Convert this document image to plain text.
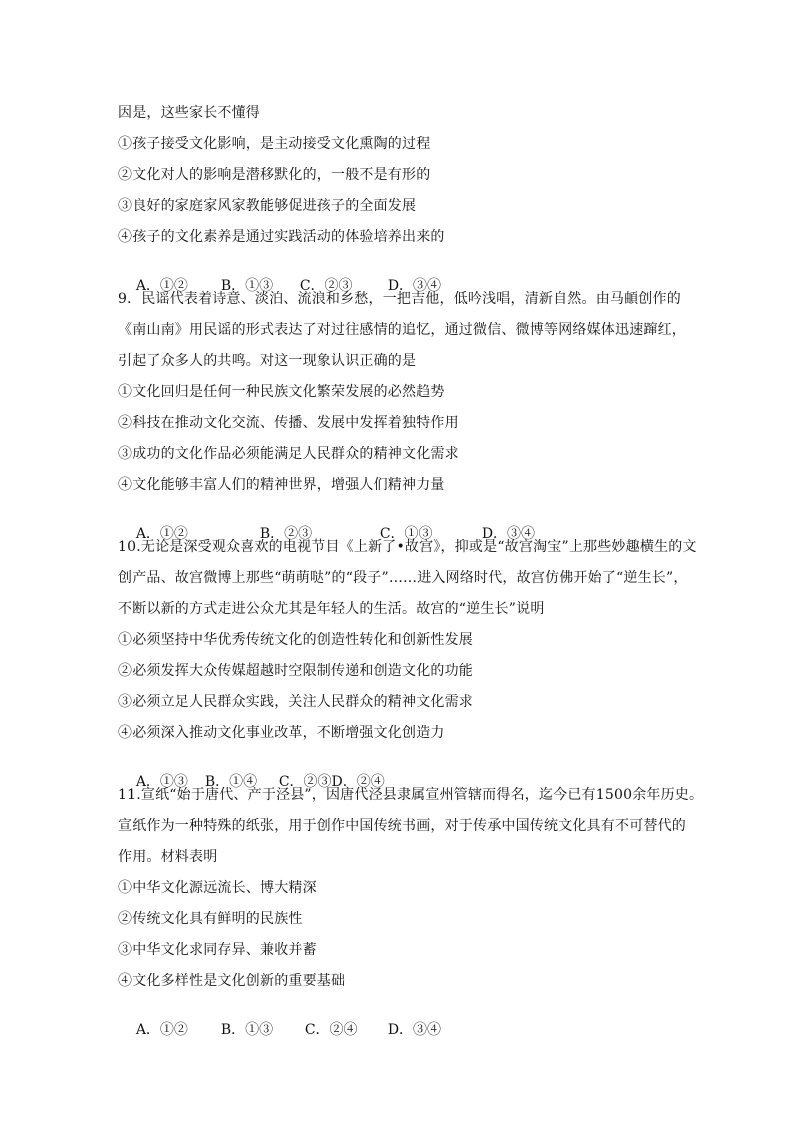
因是，这些家长不懂得
①孩子接受文化影响，是主动接受文化熏陶的过程
②文化对人的影响是潜移默化的，一般不是有形的
③良好的家庭家风家教能够促进孩子的全面发展
④孩子的文化素养是通过实践活动的体验培养出来的

A．①② B．①③ C．②③	D．③④

9．民谣代表着诗意、淡泊、流浪和乡愁，一把吉他，低吟浅唱，清新自然。由马頔创作的
《南山南》用民谣的形式表达了对过往感情的追忆，通过微信、微博等网络媒体迅速蹿红，
引起了众多人的共鸣。对这一现象认识正确的是
①文化回归是任何一种民族文化繁荣发展的必然趋势
②科技在推动文化交流、传播、发展中发挥着独特作用
③成功的文化作品必须能满足人民群众的精神文化需求
④文化能够丰富人们的精神世界，增强人们精神力量

A．①②	B．②③	C．①③	D．③④

10.无论是深受观众喜欢的电视节目《上新了•故宫》，抑或是“故宫淘宝”上那些妙趣横生的文
创产品、故宫微博上那些“萌萌哒”的“段子”……进入网络时代，故宫仿佛开始了“逆生长”，
不断以新的方式走进公众尤其是年轻人的生活。故宫的“逆生长”说明
①必须坚持中华优秀传统文化的创造性转化和创新性发展
②必须发挥大众传媒超越时空限制传递和创造文化的功能
③必须立足人民群众实践，关注人民群众的精神文化需求
④必须深入推动文化事业改革，不断增强文化创造力

A．①③ B．①④ C．②③D．②④

11.宣纸“始于唐代、产于泾县”，因唐代泾县隶属宣州管辖而得名，迄今已有1500余年历史。
宣纸作为一种特殊的纸张，用于创作中国传统书画，对于传承中国传统文化具有不可替代的
作用。材料表明
①中华文化源远流长、博大精深
②传统文化具有鲜明的民族性
③中华文化求同存异、兼收并蓄
④文化多样性是文化创新的重要基础

A．①② B．①③ C．②④ D．③④
